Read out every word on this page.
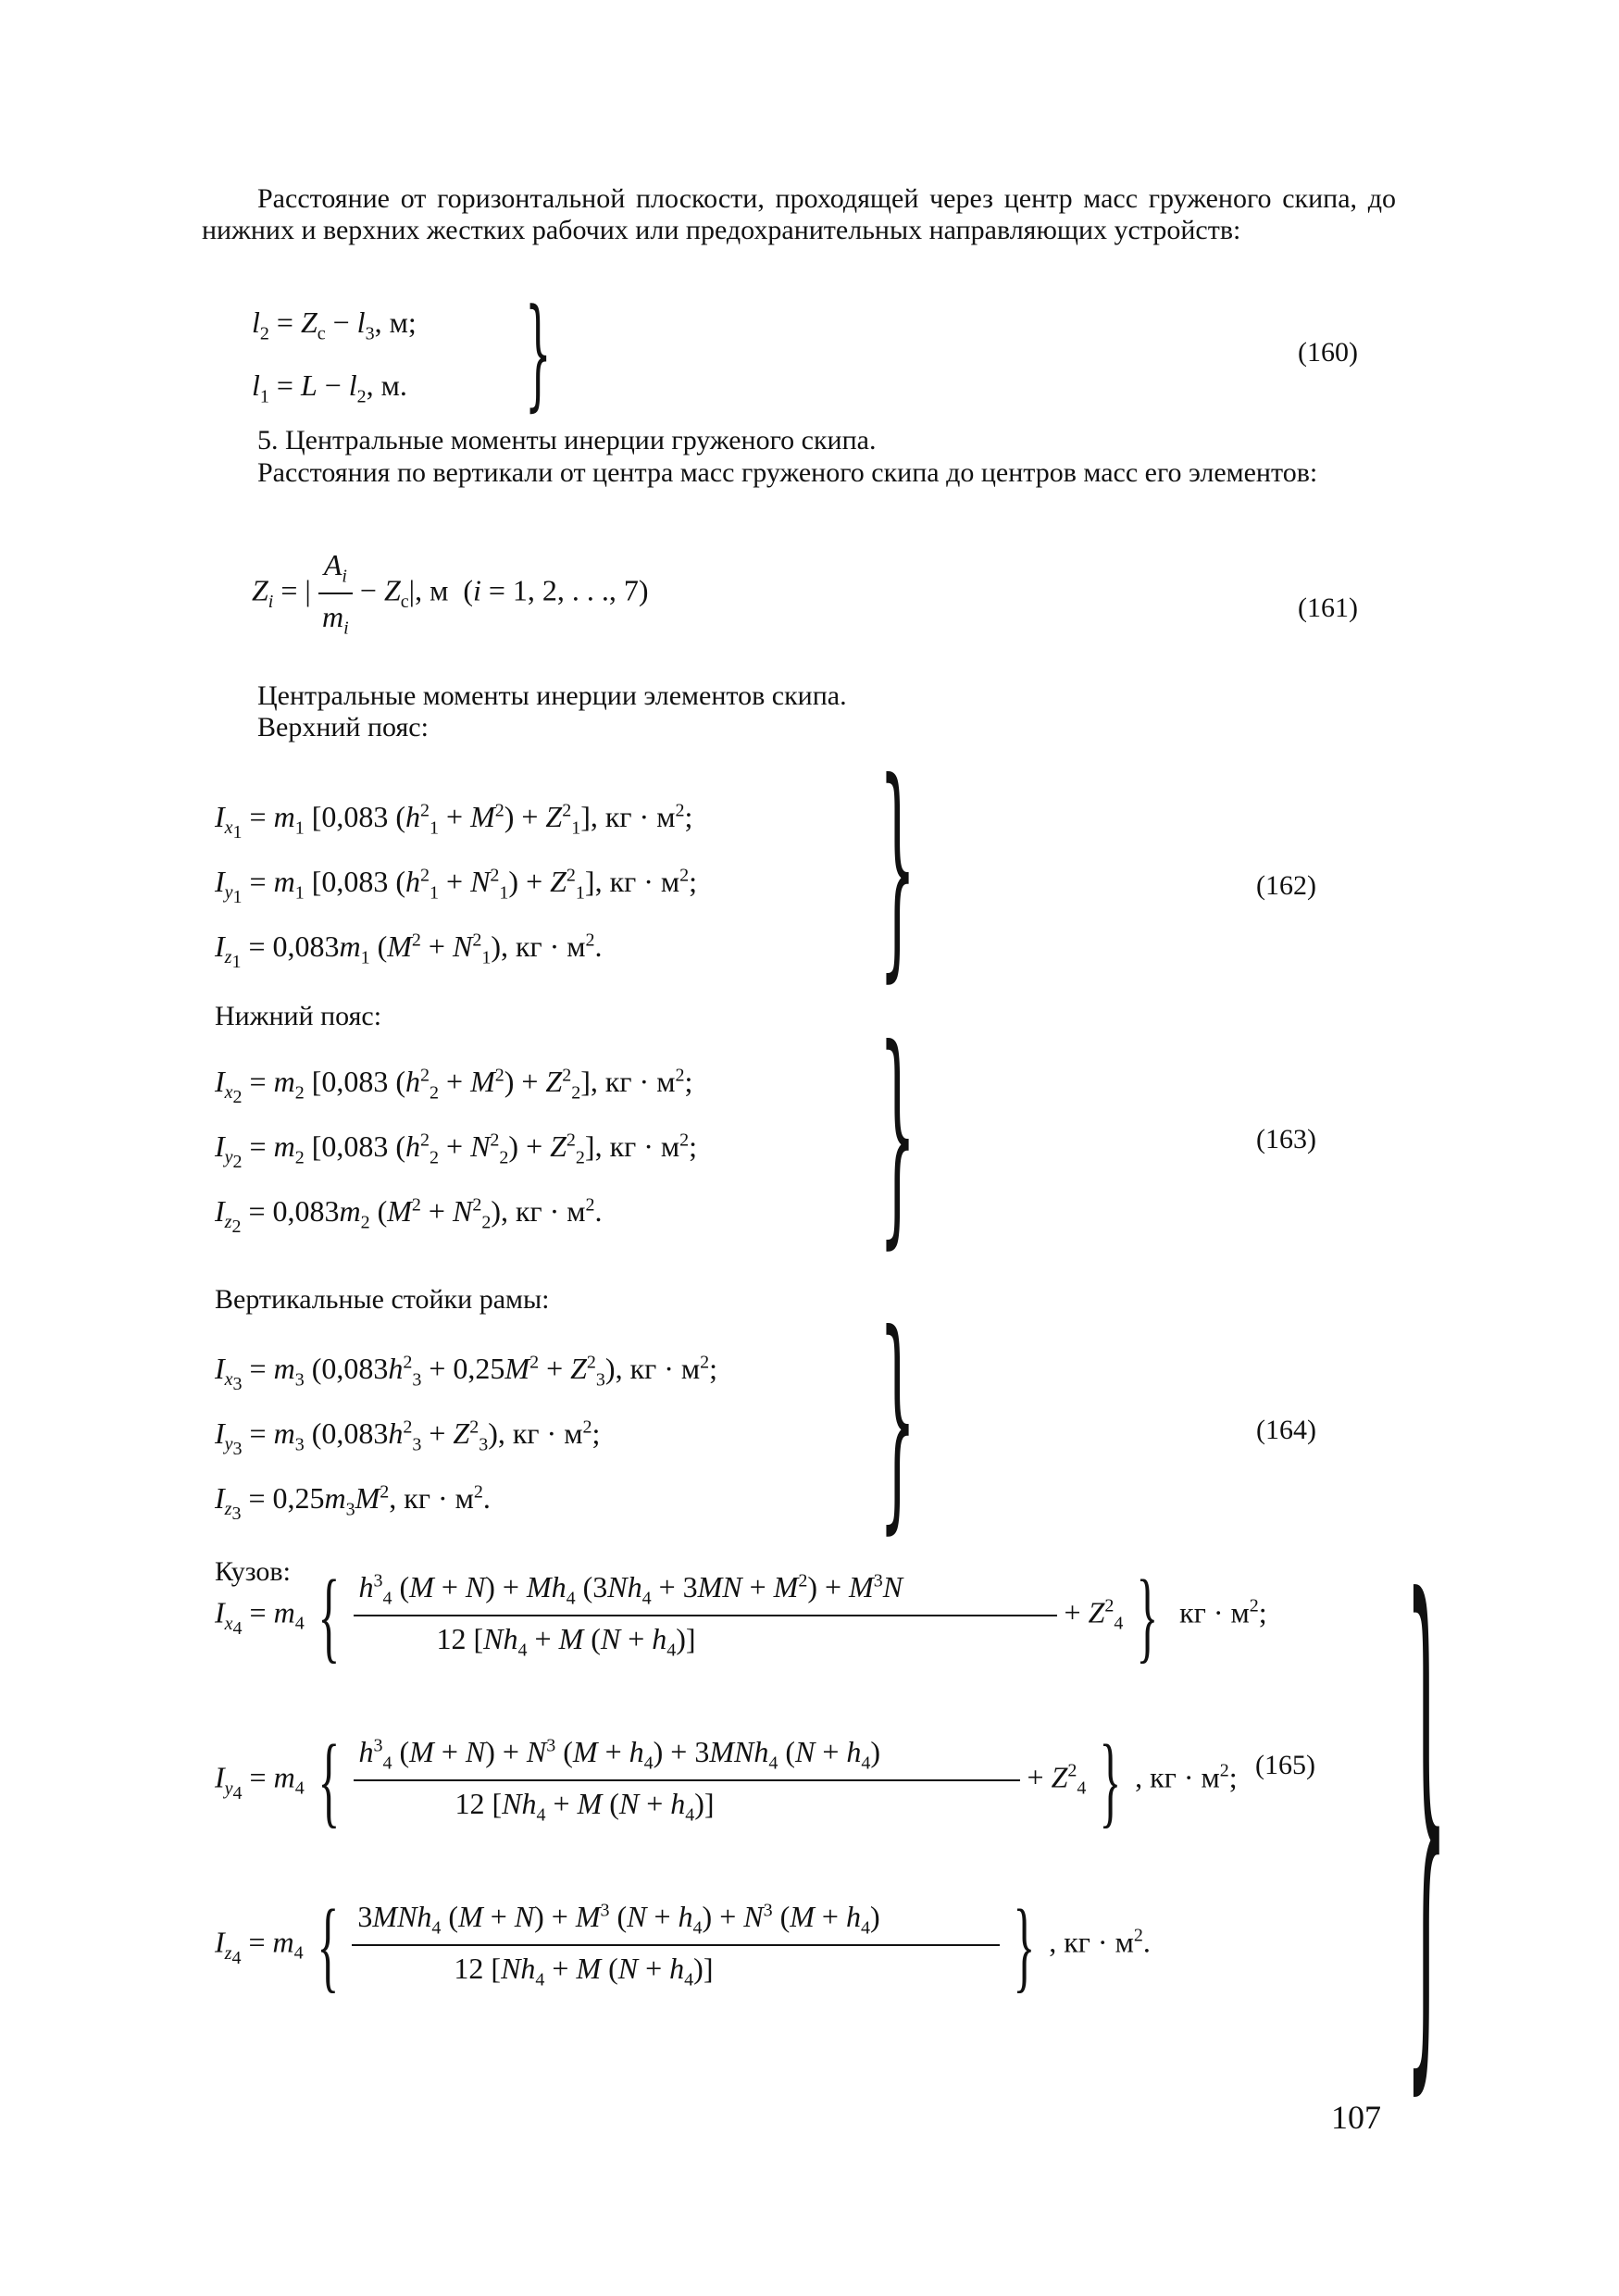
Расстояние от горизонтальной плоскости, проходящей через центр масс груженого скипа, до нижних и верхних жестких рабочих или предохранительных направляющих устройств:
$l_2 = Z_c - l_3$, м;
$l_1 = L - l_2$, м. }	(160)
5. Центральные моменты инерции груженого скипа.
Расстояния по вертикали от центра масс груженого скипа до центров масс его элементов:
$Z_i$ = | $\frac{A_i}{m_i} - Z_c|$, м  (i = 1, 2, . . ., 7)
(161)
Центральные моменты инерции элементов скипа.
Верхний пояс:
$I_{x_1} = m_1$ [0,083 $(h^2_1 + M^2) + Z^2_1$], кг · $м^2$;
$I_{y_1} = m_1$ [0,083 $(h^2_1 + N^2_1) + Z^2_1$], кг · $м^2$;
$I_{z_1} = 0,083m_1$ $(M^2 + N^2_1)$, кг · $м^2$. }	(162)
Нижний пояс:
$I_{x_2} = m_2$ [0,083 $(h^2_2 + M^2) + Z^2_2$], кг · $м^2$;
$I_{y_2} = m_2$ [0,083 $(h^2_2 + N^2_2) + Z^2_2$], кг · $м^2$;
$I_{z_2} = 0,083m_2$ $(M^2 + N^2_2)$, кг · $м^2$. }	(163)
Вертикальные стойки рамы:
$I_{x_3} = m_3$ $(0,083h^2_3 + 0,25M^2 + Z^2_3)$, кг · $м^2$;
$I_{y_3} = m_3$ $(0,083h^2_3 + Z^2_3)$, кг · $м^2$;
$I_{z_3} = 0,25m_3M^2$, кг · $м^2$. }	(164)
Кузов:
$I_{x_4} = m_4$ { $\frac{h^3_4 (M + N) + Mh_4 (3Nh_4 + 3MN + M^2) + M^3N}{12 [Nh_4 + M (N + h_4)]} + Z^2_4$ } кг · $м^2$;
$I_{y_4} = m_4$ { $\frac{h^3_4 (M + N) + N^3 (M + h_4) + 3MNh_4 (N + h_4)}{12 [Nh_4 + M (N + h_4)]} + Z^2_4$ } , кг · $м^2$;
$I_{z_4} = m_4$ { $\frac{3MNh_4 (M + N) + M^3 (N + h_4) + N^3 (M + h_4)}{12 [Nh_4 + M (N + h_4)]}$ } , кг · $м^2$. }
(165)
107
